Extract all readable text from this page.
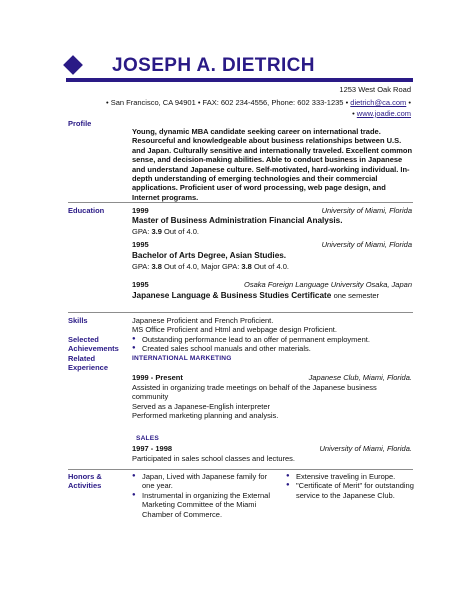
JOSEPH A. DIETRICH
1253 West Oak Road
• San Francisco, CA 94901 • FAX: 602 234-4556, Phone: 602 333-1235 • dietrich@ca.com •
• www.joadie.com
Profile
Young, dynamic MBA candidate seeking career on international trade. Resourceful and knowledgeable about business relationships between U.S. and Japan. Culturally sensitive and internationally traveled. Excellent common sense, and decision-making abilities. Able to conduct business in Japanese and understand Japanese culture. Self-motivated, hard-working individual. In-depth understanding of emerging technologies and their commercial applications. Proficient user of word processing, web page design, and Internet programs.
Education	1999	University of Miami, Florida
Master of Business Administration Financial Analysis.
GPA: 3.9 Out of 4.0.
1995	University of Miami, Florida
Bachelor of Arts Degree, Asian Studies.
GPA: 3.8 Out of 4.0, Major GPA: 3.8 Out of 4.0.
1995	Osaka Foreign Language University Osaka, Japan
Japanese Language & Business Studies Certificate one semester
Skills	Japanese Proficient and French Proficient.
MS Office Proficient and Html and webpage design Proficient.
Selected Achievements
● Outstanding performance lead to an offer of permanent employment.
● Created sales school manuals and other materials.
Related Experience
INTERNATIONAL MARKETING
1999 - Present	Japanese Club, Miami, Florida.
Assisted in organizing trade meetings on behalf of the Japanese business community
Served as a Japanese-English interpreter
Performed marketing planning and analysis.
SALES
1997 - 1998	University of Miami, Florida.
Participated in sales school classes and lectures.
Honors & Activities
● Japan, Lived with Japanese family for one year.
● Instrumental in organizing the External Marketing Committee of the Miami Chamber of Commerce.
● Extensive traveling in Europe.
● "Certificate of Merit" for outstanding service to the Japanese Club.
